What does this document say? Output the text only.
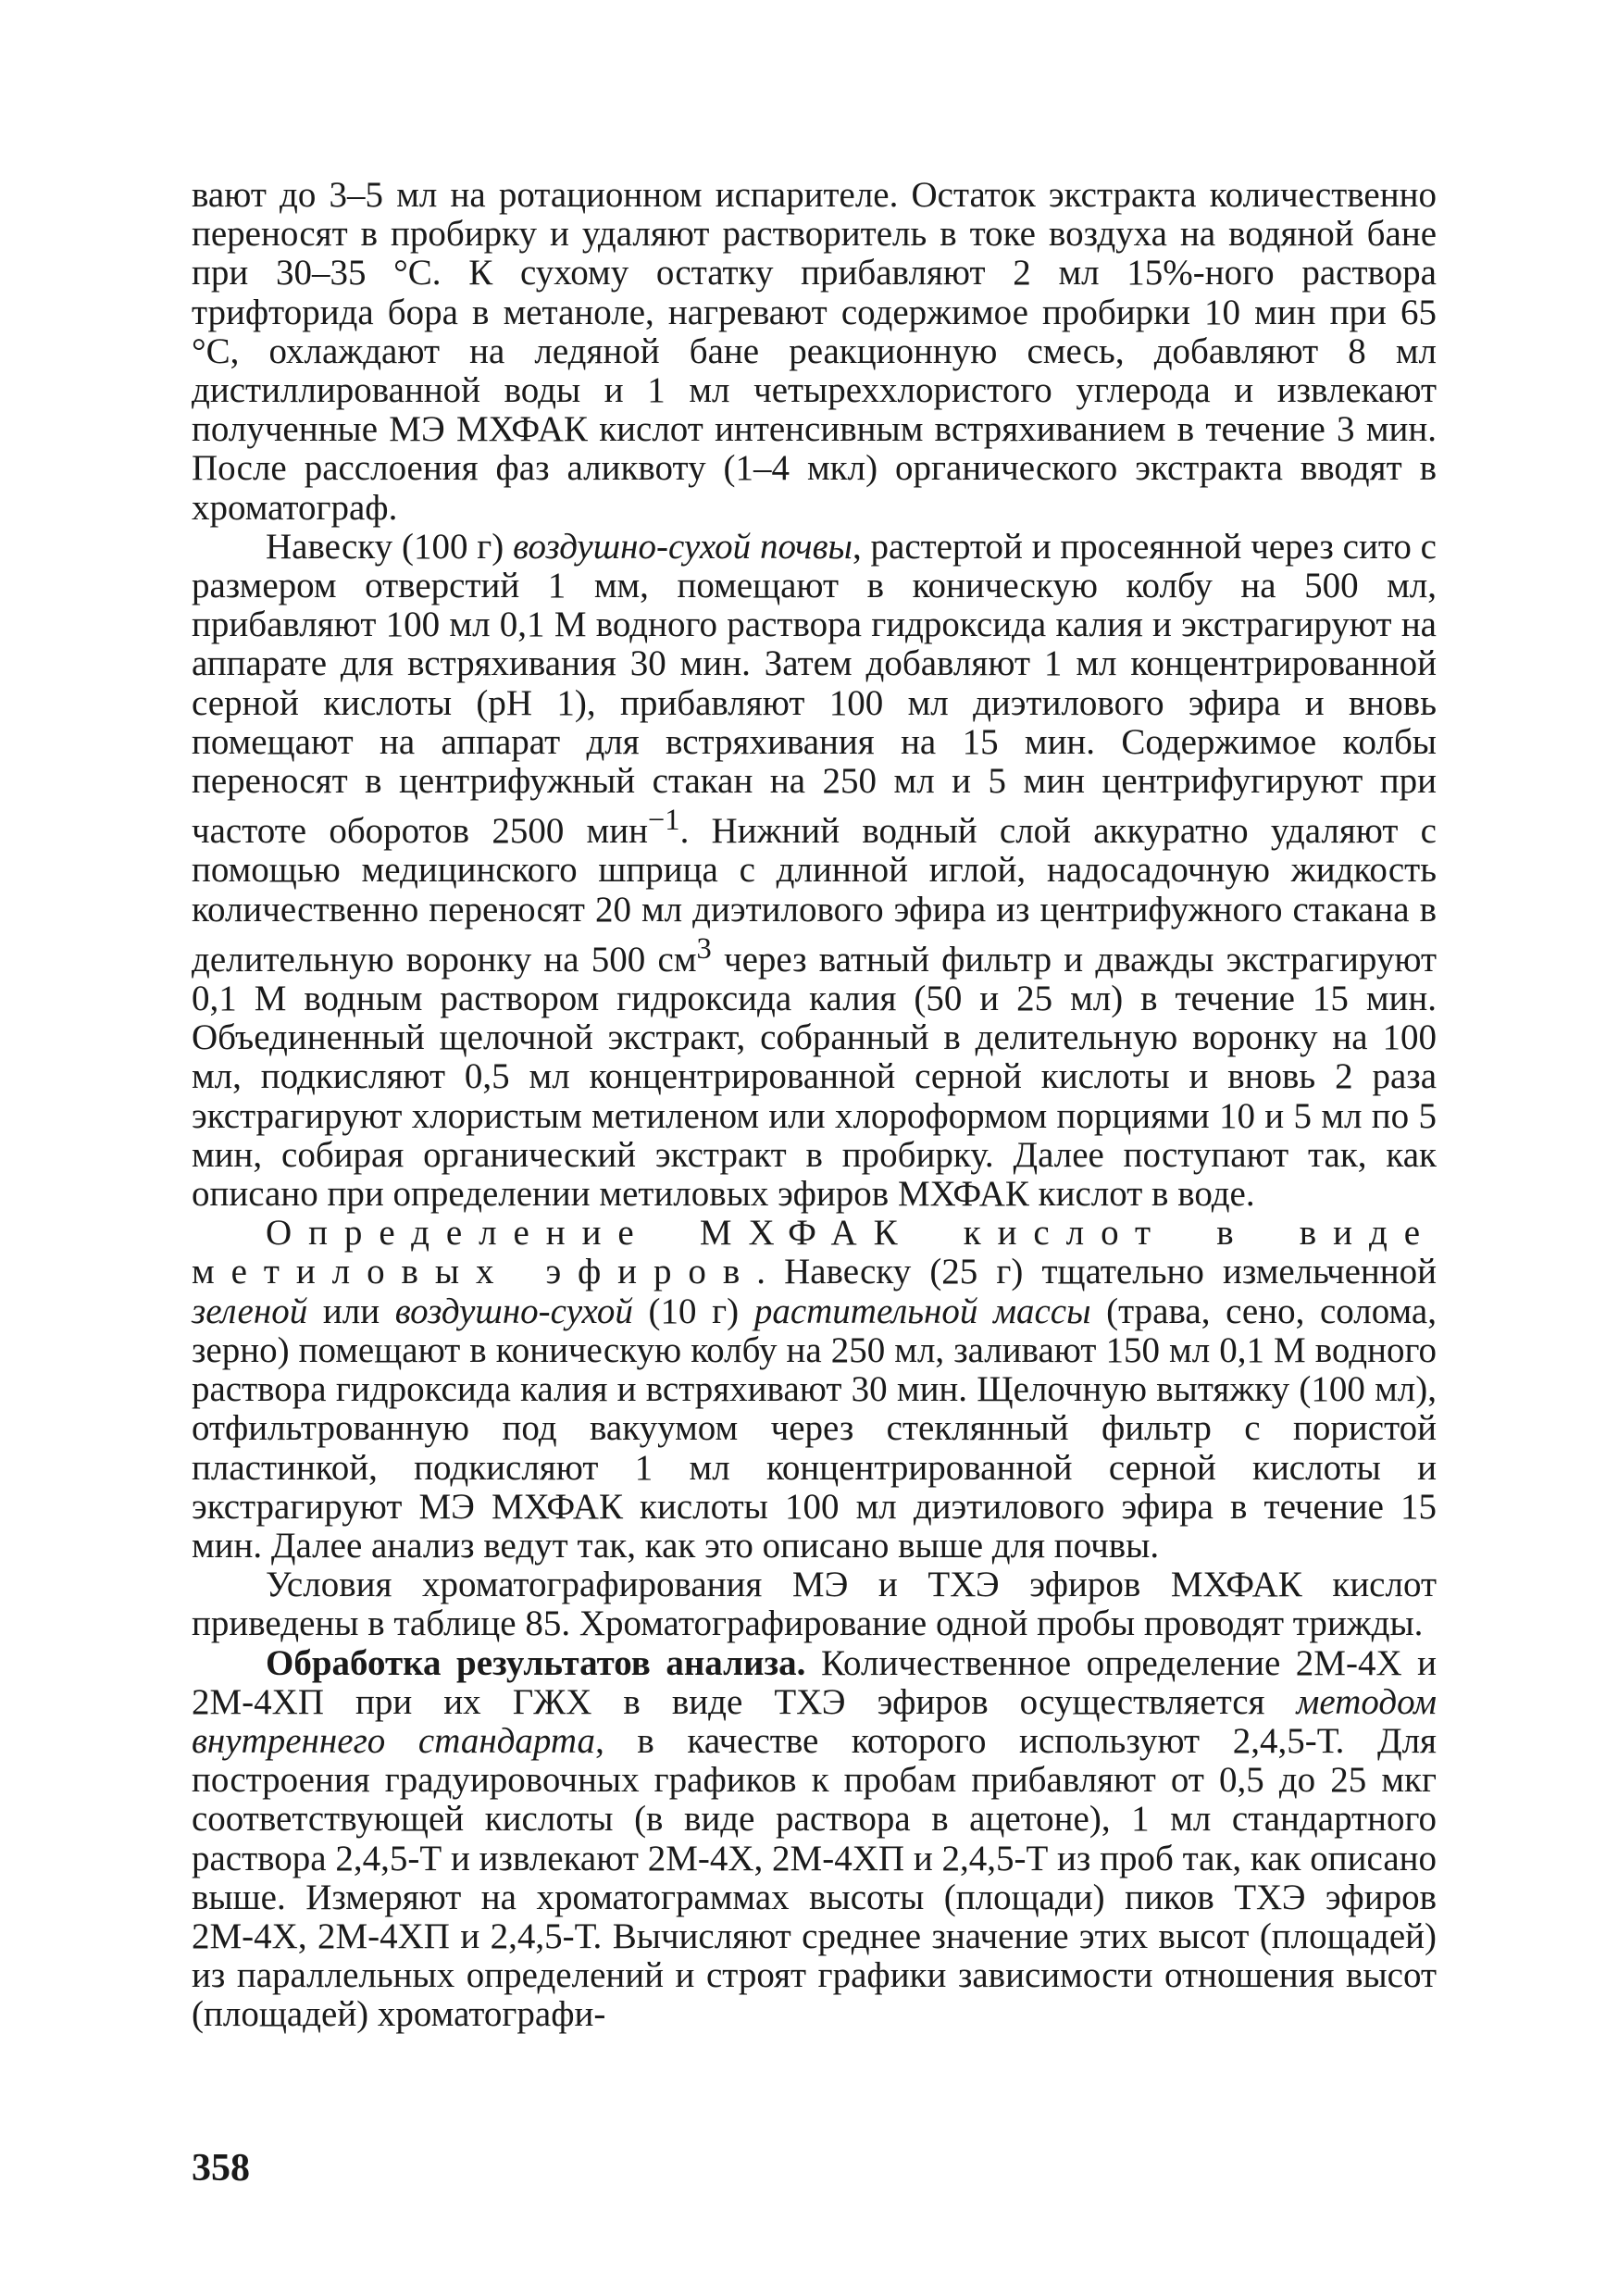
вают до 3–5 мл на ротационном испарителе. Остаток экстракта количественно переносят в пробирку и удаляют растворитель в токе воздуха на водяной бане при 30–35 °С. К сухому остатку прибавляют 2 мл 15%-ного раствора трифторида бора в метаноле, нагревают содержимое пробирки 10 мин при 65 °С, охлаждают на ледяной бане реакционную смесь, добавляют 8 мл дистиллированной воды и 1 мл четыреххлористого углерода и извлекают полученные МЭ МХФАК кислот интенсивным встряхиванием в течение 3 мин. После расслоения фаз аликвоту (1–4 мкл) органического экстракта вводят в хроматограф.

Навеску (100 г) воздушно-сухой почвы, растертой и просеянной через сито с размером отверстий 1 мм, помещают в коническую колбу на 500 мл, прибавляют 100 мл 0,1 М водного раствора гидроксида калия и экстрагируют на аппарате для встряхивания 30 мин. Затем добавляют 1 мл концентрированной серной кислоты (рН 1), прибавляют 100 мл диэтилового эфира и вновь помещают на аппарат для встряхивания на 15 мин. Содержимое колбы переносят в центрифужный стакан на 250 мл и 5 мин центрифугируют при частоте оборотов 2500 мин$^{-1}$. Нижний водный слой аккуратно удаляют с помощью медицинского шприца с длинной иглой, надосадочную жидкость количественно переносят 20 мл диэтилового эфира из центрифужного стакана в делительную воронку на 500 $см^3$ через ватный фильтр и дважды экстрагируют 0,1 М водным раствором гидроксида калия (50 и 25 мл) в течение 15 мин. Объединенный щелочной экстракт, собранный в делительную воронку на 100 мл, подкисляют 0,5 мл концентрированной серной кислоты и вновь 2 раза экстрагируют хлористым метиленом или хлороформом порциями 10 и 5 мл по 5 мин, собирая органический экстракт в пробирку. Далее поступают так, как описано при определении метиловых эфиров МХФАК кислот в воде.

Определение МХФАК кислот в виде метиловых эфиров. Навеску (25 г) тщательно измельченной зеленой или воздушно-сухой (10 г) растительной массы (трава, сено, солома, зерно) помещают в коническую колбу на 250 мл, заливают 150 мл 0,1 М водного раствора гидроксида калия и встряхивают 30 мин. Щелочную вытяжку (100 мл), отфильтрованную под вакуумом через стеклянный фильтр с пористой пластинкой, подкисляют 1 мл концентрированной серной кислоты и экстрагируют МЭ МХФАК кислоты 100 мл диэтилового эфира в течение 15 мин. Далее анализ ведут так, как это описано выше для почвы.

Условия хроматографирования МЭ и ТХЭ эфиров МХФАК кислот приведены в таблице 85. Хроматографирование одной пробы проводят трижды.

Обработка результатов анализа. Количественное определение 2М-4Х и 2М-4ХП при их ГЖХ в виде ТХЭ эфиров осуществляется методом внутреннего стандарта, в качестве которого используют 2,4,5-Т. Для построения градуировочных графиков к пробам прибавляют от 0,5 до 25 мкг соответствующей кислоты (в виде раствора в ацетоне), 1 мл стандартного раствора 2,4,5-Т и извлекают 2М-4Х, 2М-4ХП и 2,4,5-Т из проб так, как описано выше. Измеряют на хроматограммах высоты (площади) пиков ТХЭ эфиров 2М-4Х, 2М-4ХП и 2,4,5-Т. Вычисляют среднее значение этих высот (площадей) из параллельных определений и строят графики зависимости отношения высот (площадей) хроматографи-

358
